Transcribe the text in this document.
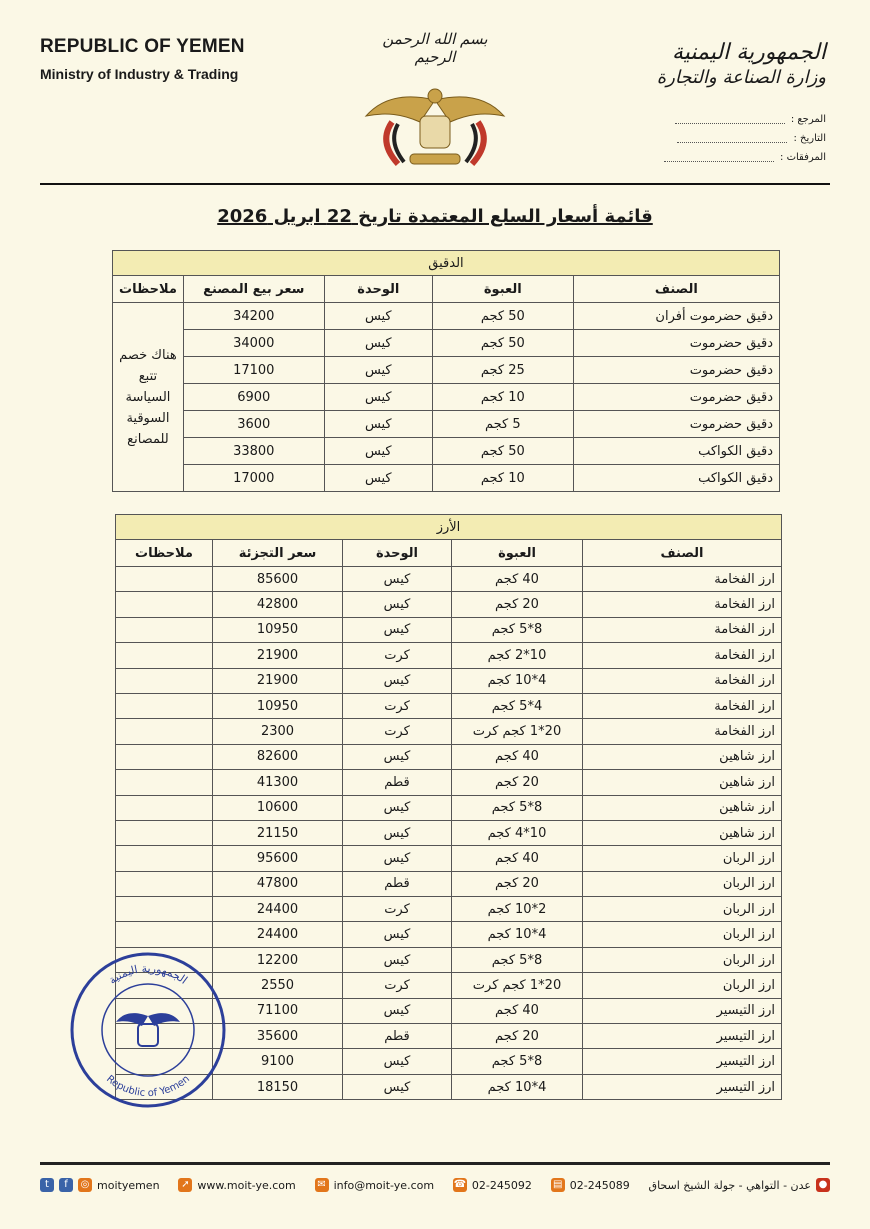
REPUBLIC OF YEMEN
Ministry of Industry & Trading
بسم الله الرحمن الرحيم	الجمهورية اليمنية
وزارة الصناعة والتجارة
المرجع :
التاريخ :
المرفقات :
قائمة أسعار السلع المعتمدة تاريخ 22 ابريل 2026
الدقيق				
الصنف	العبوة	الوحدة	سعر بيع المصنع	ملاحظات
دقيق حضرموت أفران	50 كجم	كيس	34200	هناك خصم تتبع السياسة السوقية للمصانع
دقيق حضرموت	50 كجم	كيس	34000	
دقيق حضرموت	25 كجم	كيس	17100	
دقيق حضرموت	10 كجم	كيس	6900	
دقيق حضرموت	5 كجم	كيس	3600	
دقيق الكواكب	50 كجم	كيس	33800	
دقيق الكواكب	10 كجم	كيس	17000	
الأرز				
الصنف	العبوة	الوحدة	سعر التجزئة	ملاحظات
ارز الفخامة	40 كجم	كيس	85600	
ارز الفخامة	20 كجم	كيس	42800	
ارز الفخامة	8*5 كجم	كيس	10950	
ارز الفخامة	10*2 كجم	كرت	21900	
ارز الفخامة	4*10 كجم	كيس	21900	
ارز الفخامة	4*5 كجم	كرت	10950	
ارز الفخامة	20*1 كجم كرت	كرت	2300	
ارز شاهين	40 كجم	كيس	82600	
ارز شاهين	20 كجم	قطم	41300	
ارز شاهين	8*5 كجم	كيس	10600	
ارز شاهين	10*4 كجم	كيس	21150	
ارز الربان	40 كجم	كيس	95600	
ارز الربان	20 كجم	قطم	47800	
ارز الربان	2*10 كجم	كرت	24400	
ارز الربان	4*10 كجم	كيس	24400	
ارز الربان	8*5 كجم	كيس	12200	
ارز الربان	20*1 كجم كرت	كرت	2550	
ارز التيسير	40 كجم	كيس	71100	
ارز التيسير	20 كجم	قطم	35600	
ارز التيسير	8*5 كجم	كيس	9100	
ارز التيسير	4*10 كجم	كيس	18150	
الجمهورية اليمنية
Republic of Yemen
t	f	◎ moityemen ➚ www.moit-ye.com ✉ info@moit-ye.com ☎ 02-245092 ▤ 02-245089	●
عدن - التواهي - جولة الشيخ اسحاق
